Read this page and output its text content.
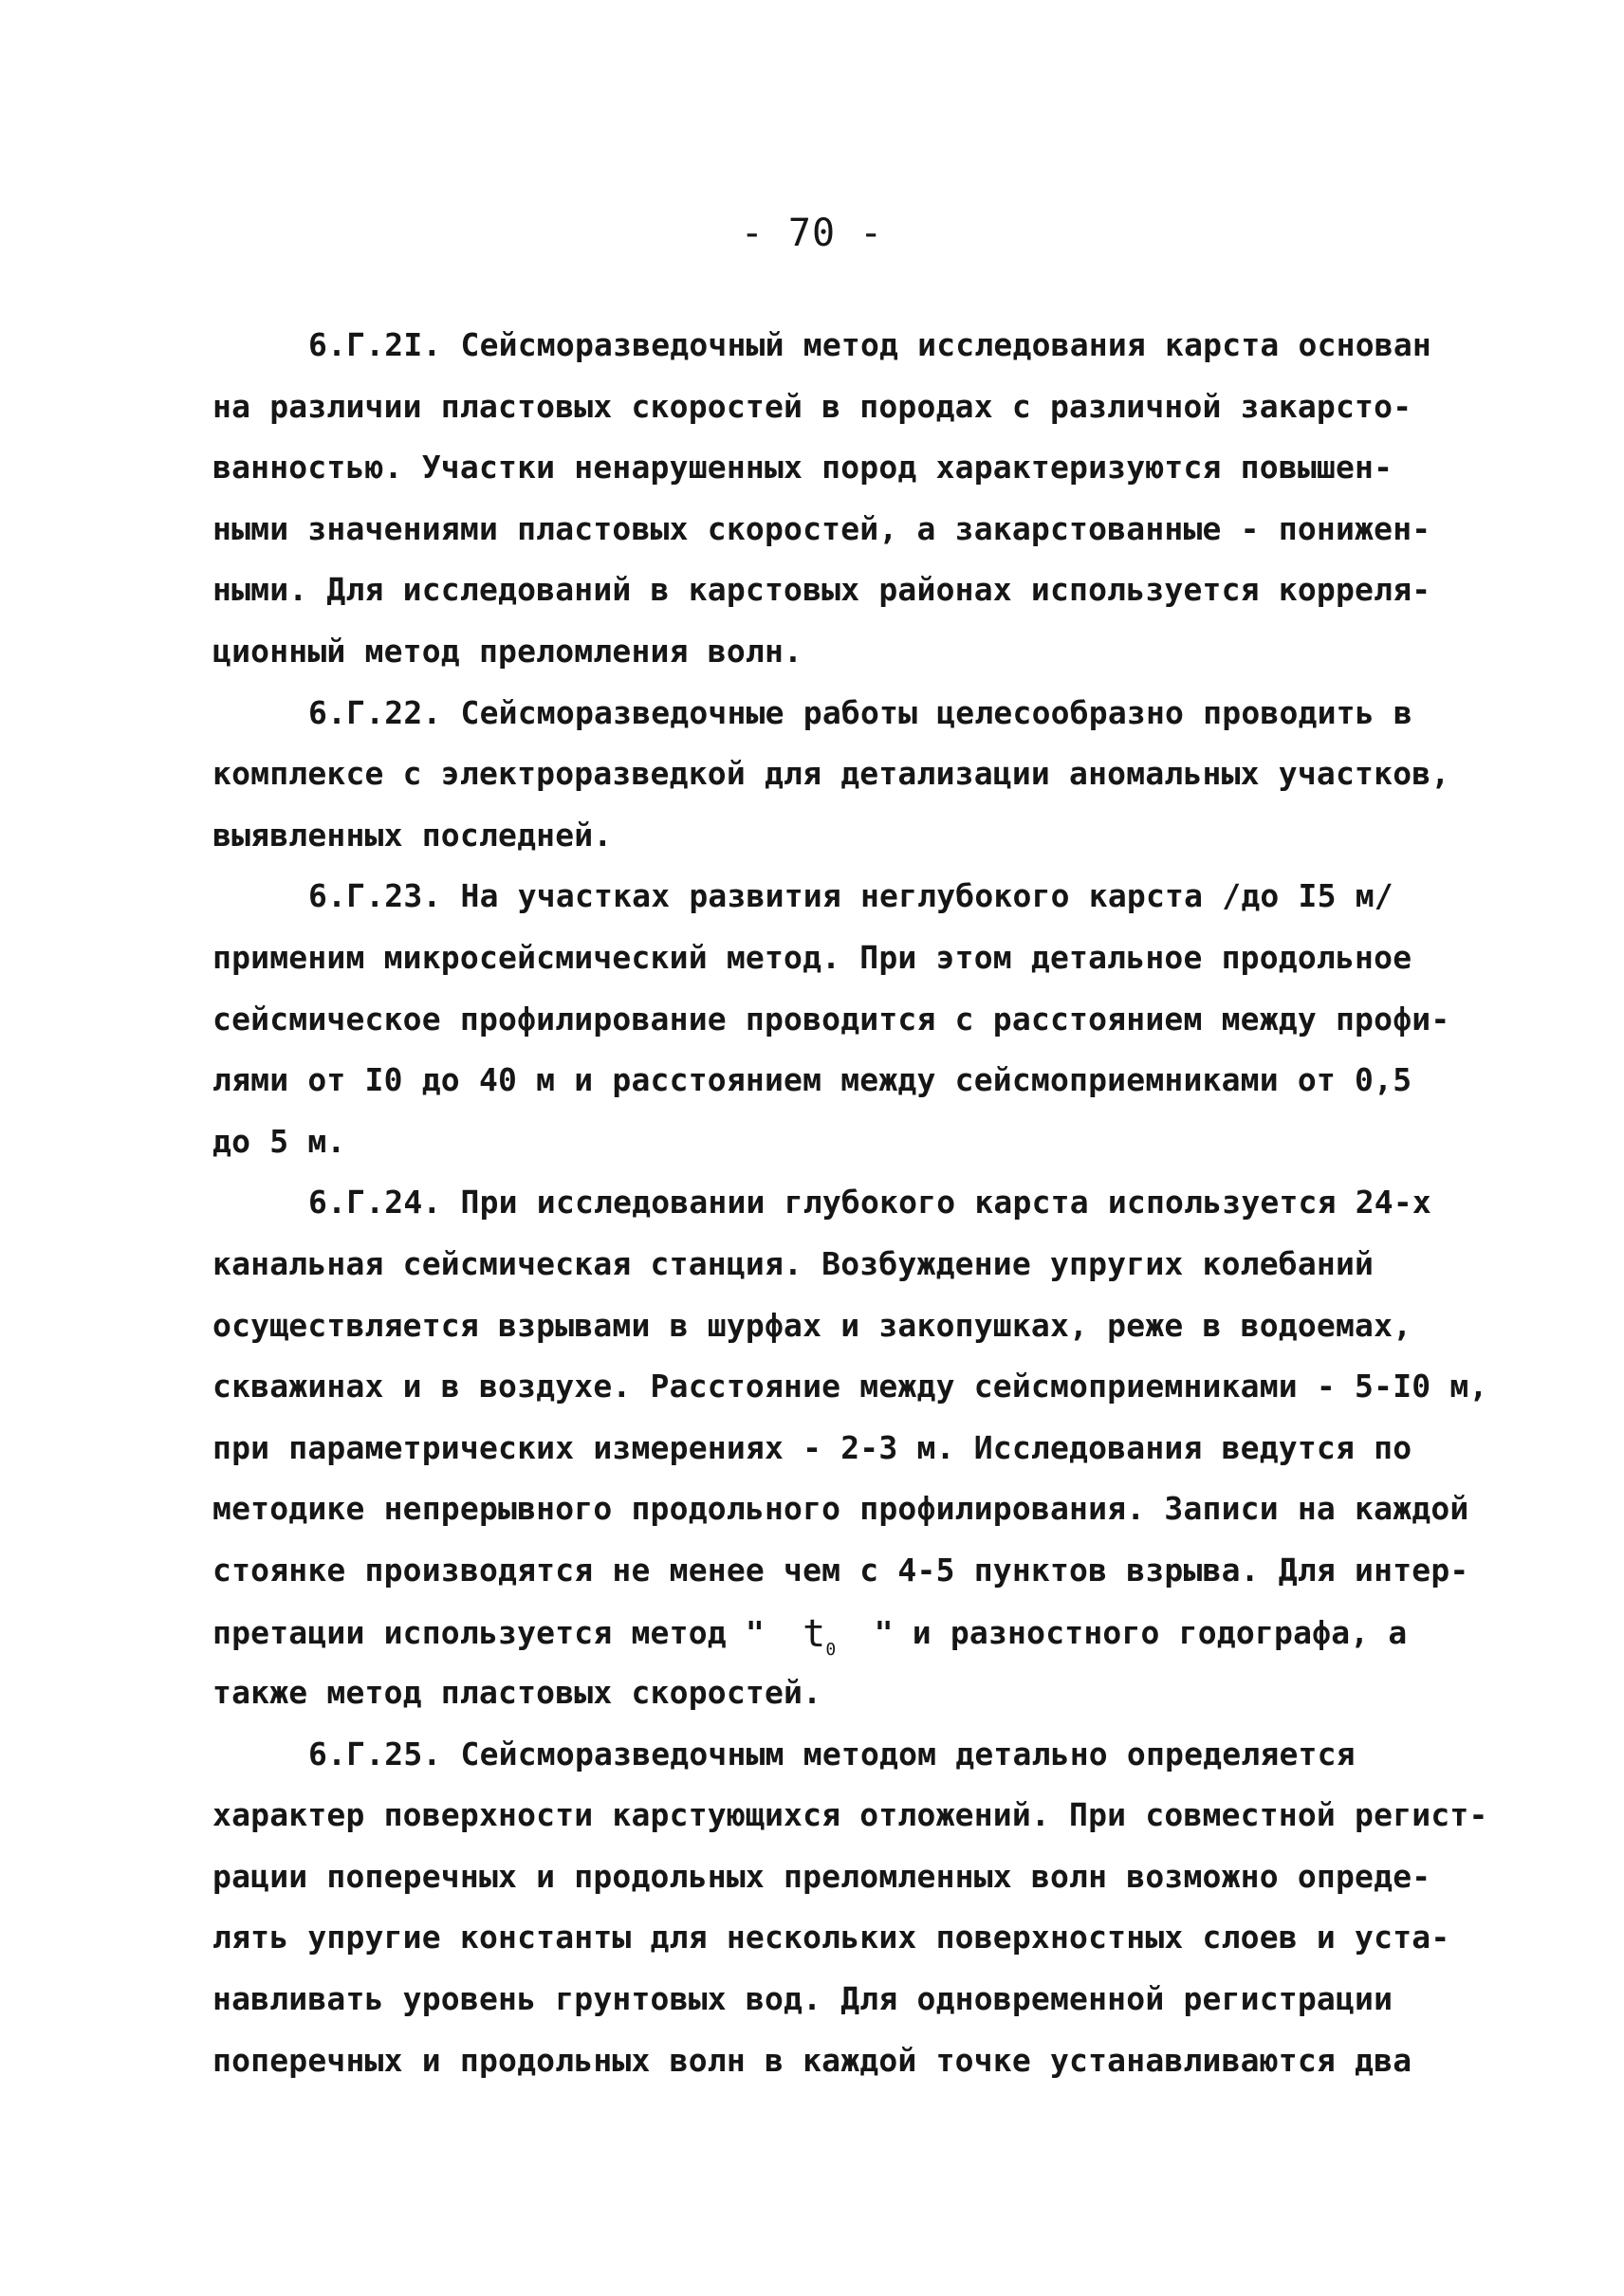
- 70 -
6.Г.2I. Сейсморазведочный метод исследования карста основан
на различии пластовых скоростей в породах с различной закарсто-
ванностью. Участки ненарушенных пород характеризуются повышен-
ными значениями пластовых скоростей, а закарстованные - понижен-
ными. Для исследований в карстовых районах используется корреля-
ционный метод преломления волн.
6.Г.22. Сейсморазведочные работы целесообразно проводить в
комплексе с электроразведкой для детализации аномальных участков,
выявленных последней.
6.Г.23. На участках развития неглубокого карста /до I5 м/
применим микросейсмический метод. При этом детальное продольное
сейсмическое профилирование проводится с расстоянием между профи-
лями от I0 до 40 м и расстоянием между сейсмоприемниками от 0,5
до 5 м.
6.Г.24. При исследовании глубокого карста используется 24-х
канальная сейсмическая станция. Возбуждение упругих колебаний
осуществляется взрывами в шурфах и закопушках, реже в водоемах,
скважинах и в воздухе. Расстояние между сейсмоприемниками - 5-I0 м,
при параметрических измерениях - 2-3 м. Исследования ведутся по
методике непрерывного продольного профилирования. Записи на каждой
стоянке производятся не менее чем с 4-5 пунктов взрыва. Для интер-
претации используется метод "  $t_0$  " и разностного годографа, а
также метод пластовых скоростей.
6.Г.25. Сейсморазведочным методом детально определяется
характер поверхности карстующихся отложений. При совместной регист-
рации поперечных и продольных преломленных волн возможно опреде-
лять упругие константы для нескольких поверхностных слоев и уста-
навливать уровень грунтовых вод. Для одновременной регистрации
поперечных и продольных волн в каждой точке устанавливаются два
